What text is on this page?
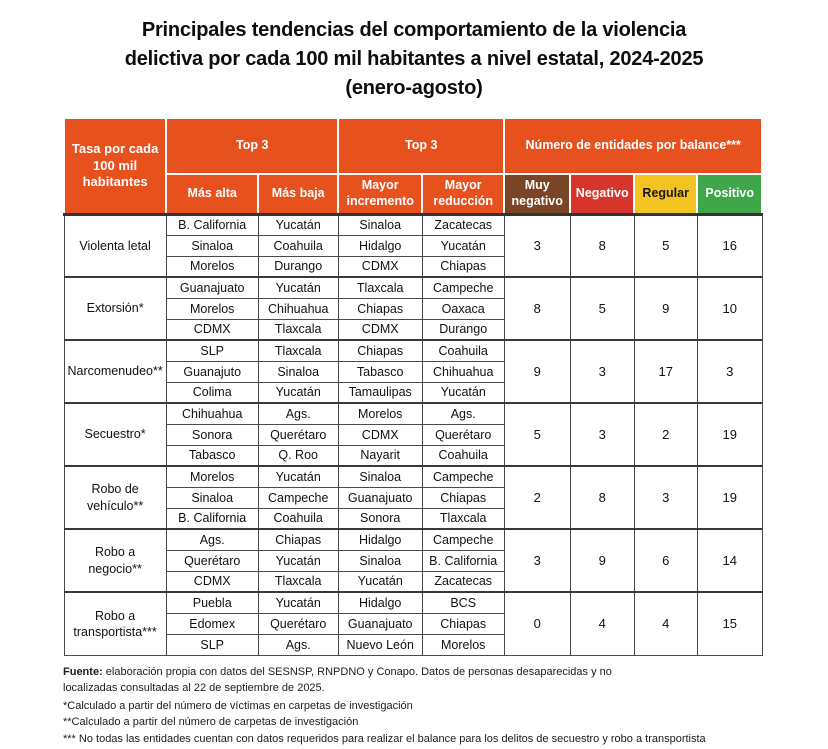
Principales tendencias del comportamiento de la violencia
delictiva por cada 100 mil habitantes a nivel estatal, 2024-2025
(enero-agosto)
Tasa por cada 100 mil habitantes	Top 3		Top 3		Número de entidades por balance***			
	Más alta	Más baja	Mayor incremento	Mayor reducción	Muy negativo	Negativo	Regular	Positivo
Violenta letal	B. California	Yucatán	Sinaloa	Zacatecas	3	8	5	16
	Sinaloa	Coahuila	Hidalgo	Yucatán				
	Morelos	Durango	CDMX	Chiapas				
Extorsión*	Guanajuato	Yucatán	Tlaxcala	Campeche	8	5	9	10
	Morelos	Chihuahua	Chiapas	Oaxaca				
	CDMX	Tlaxcala	CDMX	Durango				
Narcomenudeo**	SLP	Tlaxcala	Chiapas	Coahuila	9	3	17	3
	Guanajuto	Sinaloa	Tabasco	Chihuahua				
	Colima	Yucatán	Tamaulipas	Yucatán				
Secuestro*	Chihuahua	Ags.	Morelos	Ags.	5	3	2	19
	Sonora	Querétaro	CDMX	Querétaro				
	Tabasco	Q. Roo	Nayarit	Coahuila				
Robo de vehículo**	Morelos	Yucatán	Sinaloa	Campeche	2	8	3	19
	Sinaloa	Campeche	Guanajuato	Chiapas				
	B. California	Coahuila	Sonora	Tlaxcala				
Robo a negocio**	Ags.	Chiapas	Hidalgo	Campeche	3	9	6	14
	Querétaro	Yucatán	Sinaloa	B. California				
	CDMX	Tlaxcala	Yucatán	Zacatecas				
Robo a transportista***	Puebla	Yucatán	Hidalgo	BCS	0	4	4	15
	Edomex	Querétaro	Guanajuato	Chiapas				
	SLP	Ags.	Nuevo León	Morelos				

Fuente: elaboración propia con datos del SESNSP, RNPDNO y Conapo. Datos de personas desaparecidas y no localizadas consultadas al 22 de septiembre de 2025.

*Calculado a partir del número de víctimas en carpetas de investigación

**Calculado a partir del número de carpetas de investigación

*** No todas las entidades cuentan con datos requeridos para realizar el balance para los delitos de secuestro y robo a transportista
